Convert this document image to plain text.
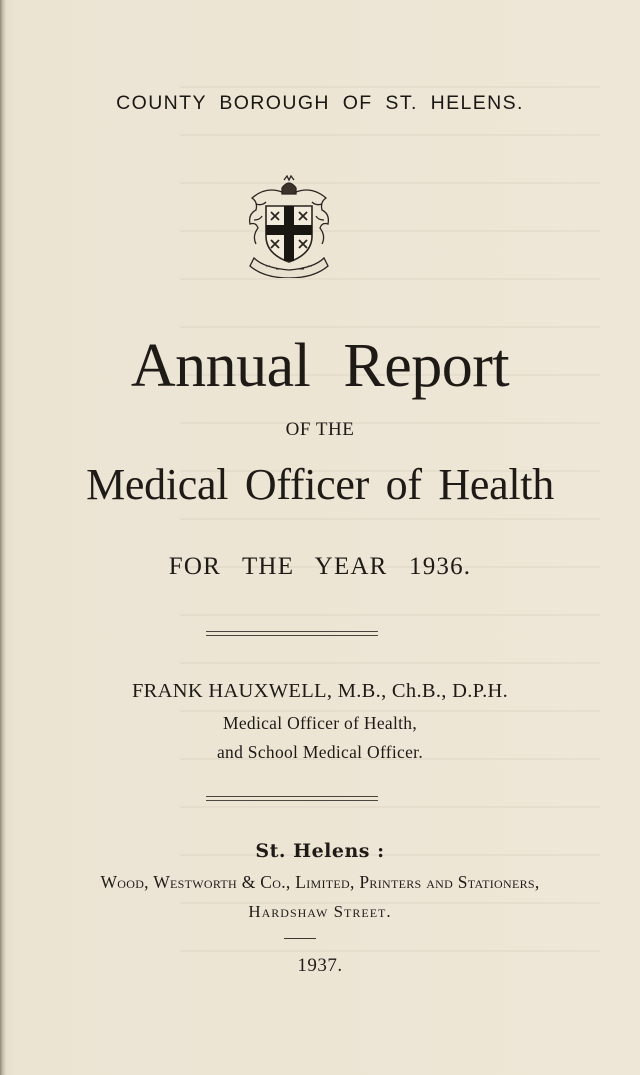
COUNTY BOROUGH OF ST. HELENS.
Annual Report
OF THE
Medical Officer of Health
FOR THE YEAR 1936.
FRANK HAUXWELL, M.B., Ch.B., D.P.H.
Medical Officer of Health,
and School Medical Officer.
St. Helens :
Wood, Westworth & Co., Limited, Printers and Stationers,
Hardshaw Street.
1937.
